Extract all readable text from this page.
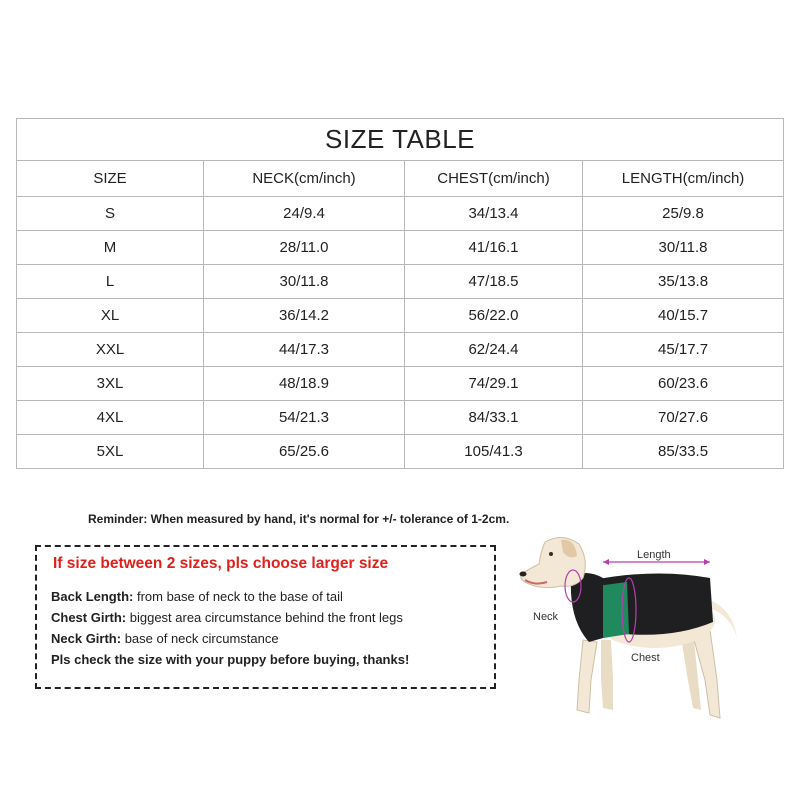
SIZE TABLE			
SIZE	NECK(cm/inch)	CHEST(cm/inch)	LENGTH(cm/inch)
S	24/9.4	34/13.4	25/9.8
M	28/11.0	41/16.1	30/11.8
L	30/11.8	47/18.5	35/13.8
XL	36/14.2	56/22.0	40/15.7
XXL	44/17.3	62/24.4	45/17.7
3XL	48/18.9	74/29.1	60/23.6
4XL	54/21.3	84/33.1	70/27.6
5XL	65/25.6	105/41.3	85/33.5
Reminder: When measured by hand, it's normal for +/- tolerance of 1-2cm.
If size between 2 sizes, pls choose larger size
Back Length: from base of neck to the base of tail
Chest Girth: biggest area circumstance behind the front legs
Neck Girth: base of neck circumstance
Pls check the size with your puppy before buying, thanks!
Length
Neck
Chest
